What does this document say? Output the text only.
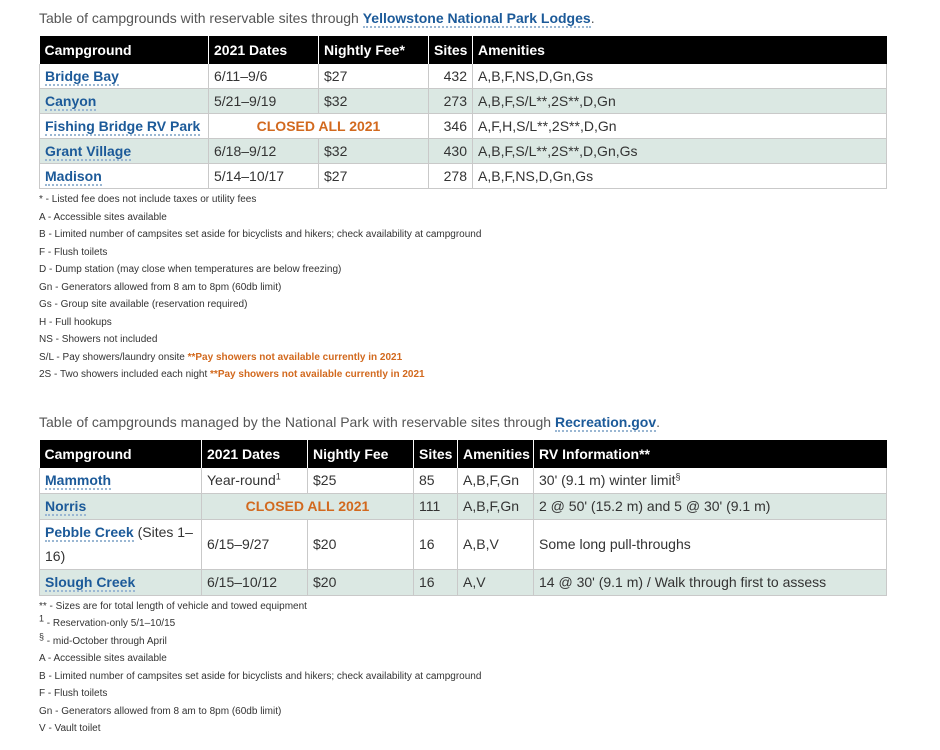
Table of campgrounds with reservable sites through Yellowstone National Park Lodges.

Campground	2021 Dates	Nightly Fee*	Sites	Amenities
Bridge Bay	6/11–9/6	$27	432	A,B,F,NS,D,Gn,Gs
Canyon	5/21–9/19	$32	273	A,B,F,S/L**,2S**,D,Gn
Fishing Bridge RV Park	CLOSED ALL 2021		346	A,F,H,S/L**,2S**,D,Gn
Grant Village	6/18–9/12	$32	430	A,B,F,S/L**,2S**,D,Gn,Gs
Madison	5/14–10/17	$27	278	A,B,F,NS,D,Gn,Gs
* - Listed fee does not include taxes or utility fees
A - Accessible sites available
B - Limited number of campsites set aside for bicyclists and hikers; check availability at campground
F - Flush toilets
D - Dump station (may close when temperatures are below freezing)
Gn - Generators allowed from 8 am to 8pm (60db limit)
Gs - Group site available (reservation required)
H - Full hookups
NS - Showers not included
S/L - Pay showers/laundry onsite **Pay showers not available currently in 2021
2S - Two showers included each night **Pay showers not available currently in 2021

Table of campgrounds managed by the National Park with reservable sites through Recreation.gov.

Campground	2021 Dates	Nightly Fee	Sites	Amenities	RV Information**
Mammoth	Year-round$^1$	$25	85	A,B,F,Gn	30' (9.1 m) winter limit§
Norris	CLOSED ALL 2021		111	A,B,F,Gn	2 @ 50' (15.2 m) and 5 @ 30' (9.1 m)
Pebble Creek (Sites 1–16)	6/15–9/27	$20	16	A,B,V	Some long pull-throughs
Slough Creek	6/15–10/12	$20	16	A,V	14 @ 30' (9.1 m) / Walk through first to assess
** - Sizes are for total length of vehicle and towed equipment
$^1$ - Reservation-only 5/1–10/15
§ - mid-October through April
A - Accessible sites available
B - Limited number of campsites set aside for bicyclists and hikers; check availability at campground
F - Flush toilets
Gn - Generators allowed from 8 am to 8pm (60db limit)
V - Vault toilet
